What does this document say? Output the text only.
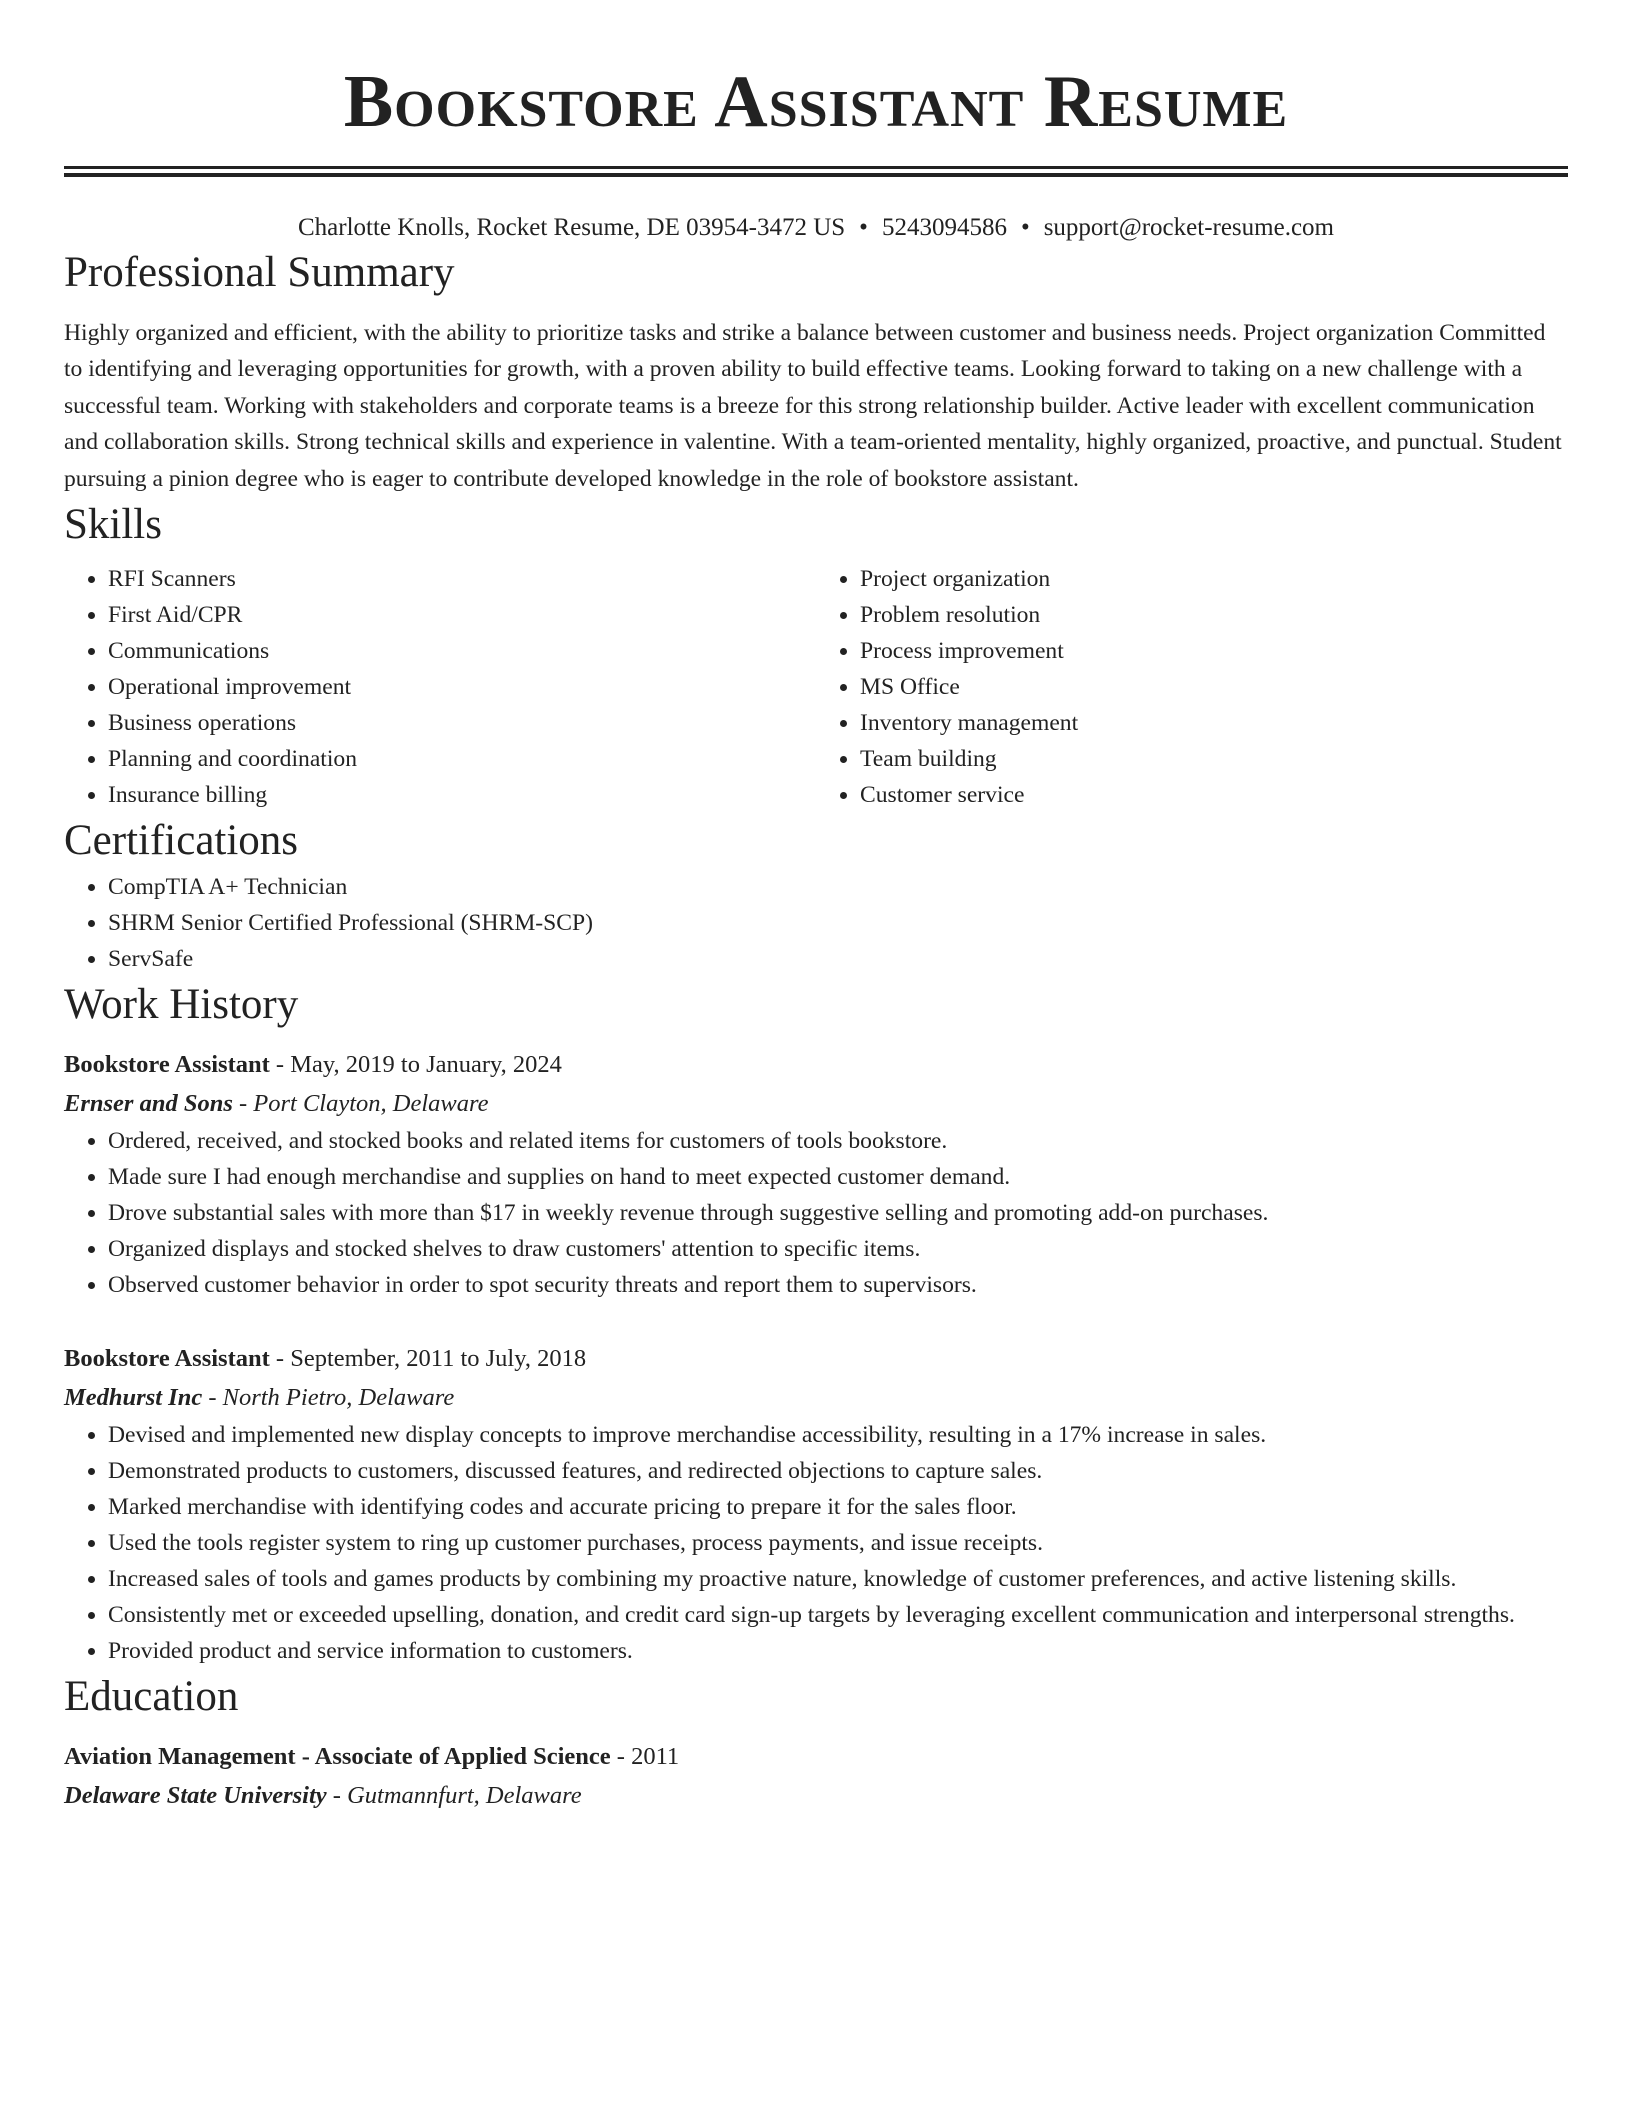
Bookstore Assistant Resume
Charlotte Knolls, Rocket Resume, DE 03954-3472 US • 5243094586 • support@rocket-resume.com
Professional Summary

Highly organized and efficient, with the ability to prioritize tasks and strike a balance between customer and business needs. Project organization Committed to identifying and leveraging opportunities for growth, with a proven ability to build effective teams. Looking forward to taking on a new challenge with a successful team. Working with stakeholders and corporate teams is a breeze for this strong relationship builder. Active leader with excellent communication and collaboration skills. Strong technical skills and experience in valentine. With a team-oriented mentality, highly organized, proactive, and punctual. Student pursuing a pinion degree who is eager to contribute developed knowledge in the role of bookstore assistant.

Skills
• RFI Scanners
• First Aid/CPR
• Communications
• Operational improvement
• Business operations
• Planning and coordination
• Insurance billing
• Project organization
• Problem resolution
• Process improvement
• MS Office
• Inventory management
• Team building
• Customer service
Certifications
• CompTIA A+ Technician
• SHRM Senior Certified Professional (SHRM-SCP)
• ServSafe
Work History
Bookstore Assistant - May, 2019 to January, 2024
Ernser and Sons - Port Clayton, Delaware
• Ordered, received, and stocked books and related items for customers of tools bookstore.
• Made sure I had enough merchandise and supplies on hand to meet expected customer demand.
• Drove substantial sales with more than $17 in weekly revenue through suggestive selling and promoting add-on purchases.
• Organized displays and stocked shelves to draw customers' attention to specific items.
• Observed customer behavior in order to spot security threats and report them to supervisors.
Bookstore Assistant - September, 2011 to July, 2018
Medhurst Inc - North Pietro, Delaware
• Devised and implemented new display concepts to improve merchandise accessibility, resulting in a 17% increase in sales.
• Demonstrated products to customers, discussed features, and redirected objections to capture sales.
• Marked merchandise with identifying codes and accurate pricing to prepare it for the sales floor.
• Used the tools register system to ring up customer purchases, process payments, and issue receipts.
• Increased sales of tools and games products by combining my proactive nature, knowledge of customer preferences, and active listening skills.
• Consistently met or exceeded upselling, donation, and credit card sign-up targets by leveraging excellent communication and interpersonal strengths.
• Provided product and service information to customers.
Education
Aviation Management - Associate of Applied Science - 2011
Delaware State University - Gutmannfurt, Delaware
